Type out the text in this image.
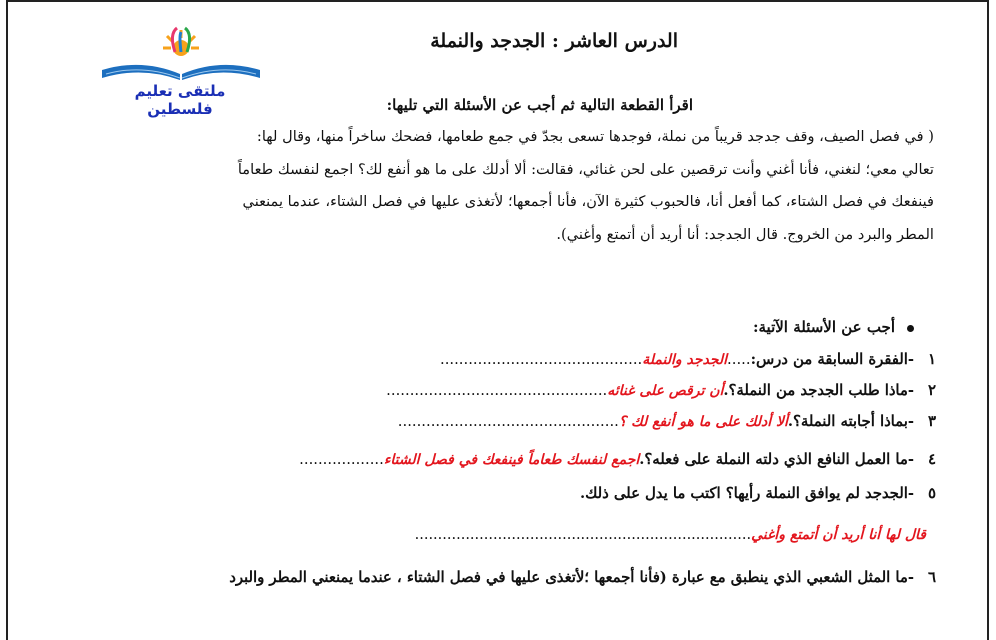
ملتقى تعليم فلسطين
الدرس العاشر : الجدجد والنملة
اقرأ القطعة التالية ثم أجب عن الأسئلة التي تليها:
( في فصل الصيف، وقف جدجد قريباً من نملة، فوجدها تسعى بجدّ في جمع طعامها، فضحك ساخراً منها، وقال لها:
تعالي معي؛ لنغني، فأنا أغني وأنت ترقصين على لحن غنائي، فقالت: ألا أدلك على ما هو أنفع لك؟ اجمع لنفسك طعاماً
فينفعك في فصل الشتاء، كما أفعل أنا، فالحبوب كثيرة الآن، فأنا أجمعها؛ لأتغذى عليها في فصل الشتاء، عندما يمنعني
المطر والبرد من الخروج. قال الجدجد: أنا أريد أن أتمتع وأغني).
أجب عن الأسئلة الآتية:
١-الفقرة السابقة من درس:.....الجدجد والنملة...........................................
٢-ماذا طلب الجدجد من النملة؟.أن ترقص على غنائه...............................................
٣-بماذا أجابته النملة؟.ألا أدلك على ما هو أنفع لك ؟...............................................
٤-ما العمل النافع الذي دلته النملة على فعله؟.اجمع لنفسك طعاماً فينفعك في فصل الشتاء..................
٥-الجدجد لم يوافق النملة رأيها؟ اكتب ما يدل على ذلك.
قال لها أنا أريد أن أتمتع وأغني.........................................................................
٦-ما المثل الشعبي الذي ينطبق مع عبارة (فأنا أجمعها ؛لأتغذى عليها في فصل الشتاء ، عندما يمنعني المطر والبرد
